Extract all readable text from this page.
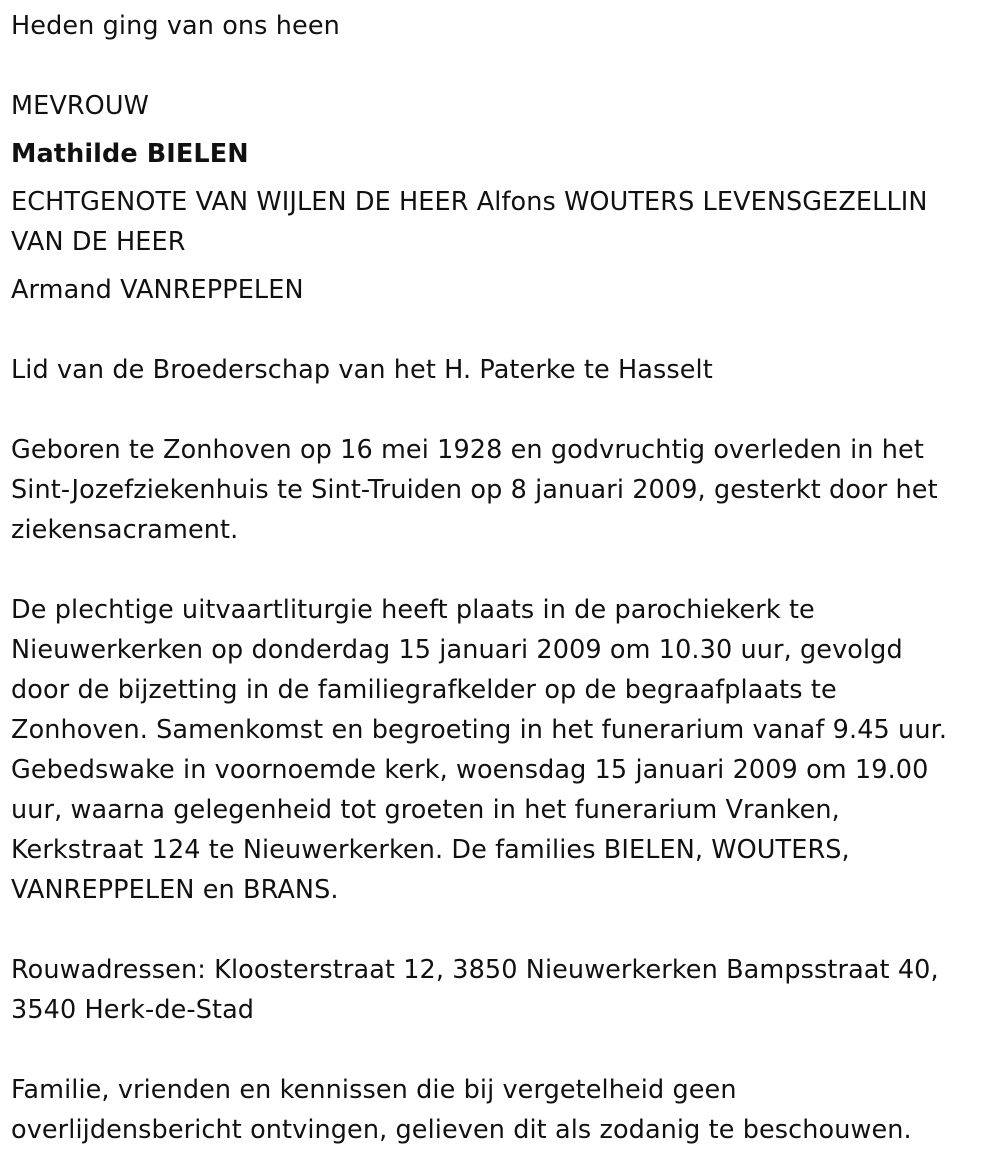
Heden ging van ons heen

MEVROUW

Mathilde BIELEN

ECHTGENOTE VAN WIJLEN DE HEER Alfons WOUTERS LEVENSGEZELLIN

VAN DE HEER

Armand VANREPPELEN

Lid van de Broederschap van het H. Paterke te Hasselt

Geboren te Zonhoven op 16 mei 1928 en godvruchtig overleden in het

Sint-Jozefziekenhuis te Sint-Truiden op 8 januari 2009, gesterkt door het

ziekensacrament.

De plechtige uitvaartliturgie heeft plaats in de parochiekerk te

Nieuwerkerken op donderdag 15 januari 2009 om 10.30 uur, gevolgd

door de bijzetting in de familiegrafkelder op de begraafplaats te

Zonhoven. Samenkomst en begroeting in het funerarium vanaf 9.45 uur.

Gebedswake in voornoemde kerk, woensdag 15 januari 2009 om 19.00

uur, waarna gelegenheid tot groeten in het funerarium Vranken,

Kerkstraat 124 te Nieuwerkerken. De families BIELEN, WOUTERS,

VANREPPELEN en BRANS.

Rouwadressen: Kloosterstraat 12, 3850 Nieuwerkerken Bampsstraat 40,

3540 Herk-de-Stad

Familie, vrienden en kennissen die bij vergetelheid geen

overlijdensbericht ontvingen, gelieven dit als zodanig te beschouwen.
